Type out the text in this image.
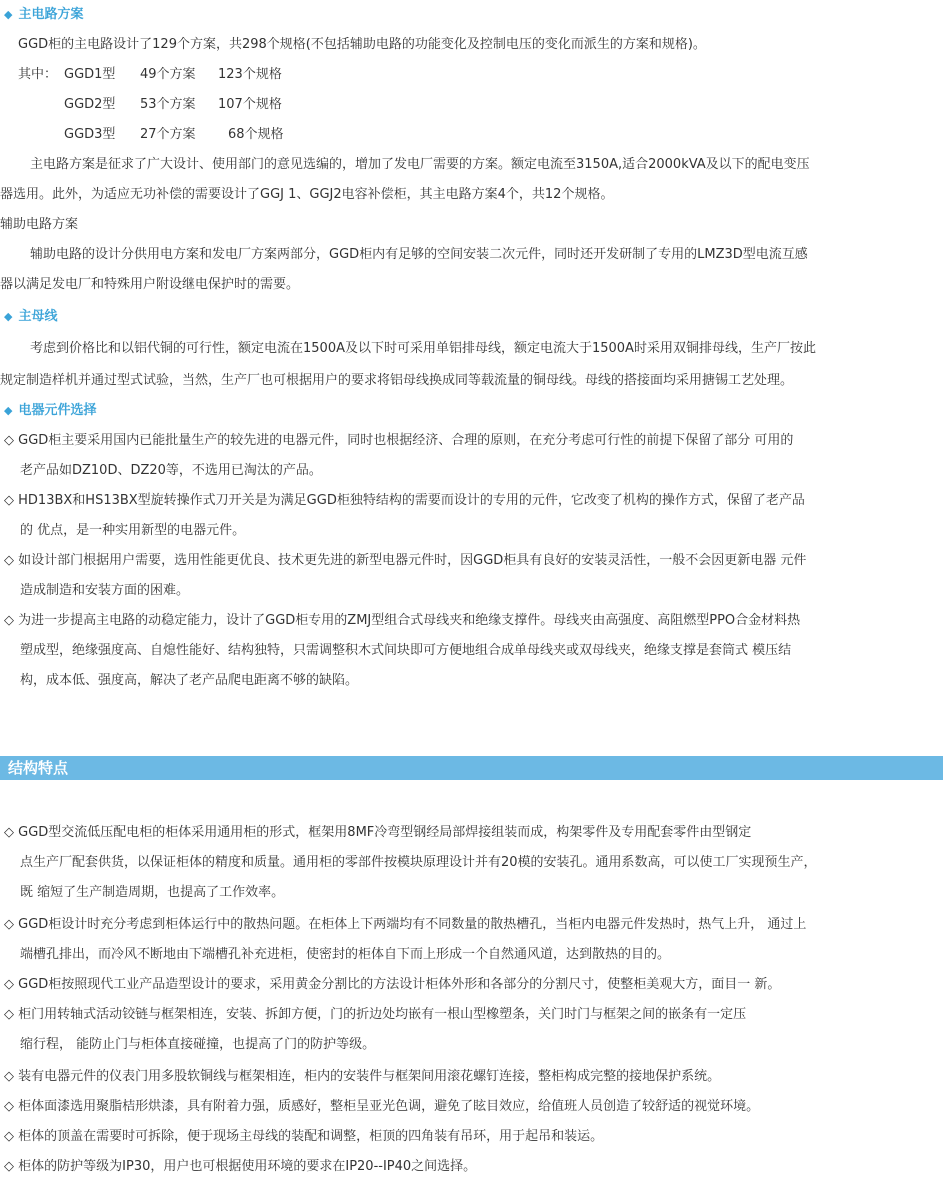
◆ 主电路方案
GGD柜的主电路设计了129个方案，共298个规格(不包括辅助电路的功能变化及控制电压的变化而派生的方案和规格)。
其中： GGD1型 49个方案 123个规格
GGD2型 53个方案 107个规格
GGD3型 27个方案 68个规格
主电路方案是征求了广大设计、使用部门的意见选编的，增加了发电厂需要的方案。额定电流至3150A,适合2000kVA及以下的配电变压
器选用。此外，为适应无功补偿的需要设计了GGJ 1、GGJ2电容补偿柜，其主电路方案4个，共12个规格。
辅助电路方案
辅助电路的设计分供用电方案和发电厂方案两部分，GGD柜内有足够的空间安装二次元件，同时还开发研制了专用的LMZ3D型电流互感
器以满足发电厂和特殊用户附设继电保护时的需要。
◆ 主母线
考虑到价格比和以铝代铜的可行性，额定电流在1500A及以下时可采用单铝排母线，额定电流大于1500A时采用双铜排母线，生产厂按此
规定制造样机并通过型式试验，当然，生产厂也可根据用户的要求将铝母线换成同等载流量的铜母线。母线的搭接面均采用搪锡工艺处理。
◆ 电器元件选择
◇ GGD柜主要采用国内已能批量生产的较先进的电器元件，同时也根据经济、合理的原则，在充分考虑可行性的前提下保留了部分 可用的
老产品如DZ10D、DZ20等，不选用已淘汰的产品。
◇ HD13BX和HS13BX型旋转操作式刀开关是为满足GGD柜独特结构的需要而设计的专用的元件，它改变了机构的操作方式，保留了老产品
的 优点，是一种实用新型的电器元件。
◇ 如设计部门根据用户需要，选用性能更优良、技术更先进的新型电器元件时，因GGD柜具有良好的安装灵活性，一般不会因更新电器 元件
造成制造和安装方面的困难。
◇ 为进一步提高主电路的动稳定能力，设计了GGD柜专用的ZMJ型组合式母线夹和绝缘支撑件。母线夹由高强度、高阻燃型PPO合金材料热
塑成型，绝缘强度高、自熄性能好、结构独特，只需调整积木式间块即可方便地组合成单母线夹或双母线夹，绝缘支撑是套筒式 模压结
构，成本低、强度高，解决了老产品爬电距离不够的缺陷。
结构特点
◇ GGD型交流低压配电柜的柜体采用通用柜的形式，框架用8MF冷弯型钢经局部焊接组装而成，构架零件及专用配套零件由型钢定
点生产厂配套供货，以保证柜体的精度和质量。通用柜的零部件按模块原理设计并有20模的安装孔。通用系数高，可以使工厂实现预生产，
既 缩短了生产制造周期，也提高了工作效率。
◇ GGD柜设计时充分考虑到柜体运行中的散热问题。在柜体上下两端均有不同数量的散热槽孔，当柜内电器元件发热时，热气上升， 通过上
端槽孔排出，而冷风不断地由下端槽孔补充进柜，使密封的柜体自下而上形成一个自然通风道，达到散热的目的。
◇ GGD柜按照现代工业产品造型设计的要求，采用黄金分割比的方法设计柜体外形和各部分的分割尺寸，使整柜美观大方，面目一 新。
◇ 柜门用转轴式活动铰链与框架相连，安装、拆卸方便，门的折边处均嵌有一根山型橡塑条，关门时门与框架之间的嵌条有一定压
缩行程， 能防止门与柜体直接碰撞，也提高了门的防护等级。
◇ 装有电器元件的仪表门用多股软铜线与框架相连，柜内的安装件与框架间用滚花螺钉连接，整柜构成完整的接地保护系统。
◇ 柜体面漆选用聚脂桔形烘漆，具有附着力强，质感好，整柜呈亚光色调，避免了眩目效应，给值班人员创造了较舒适的视觉环境。
◇ 柜体的顶盖在需要时可拆除，便于现场主母线的装配和调整，柜顶的四角装有吊环，用于起吊和装运。
◇ 柜体的防护等级为IP30，用户也可根据使用环境的要求在IP20--IP40之间选择。
